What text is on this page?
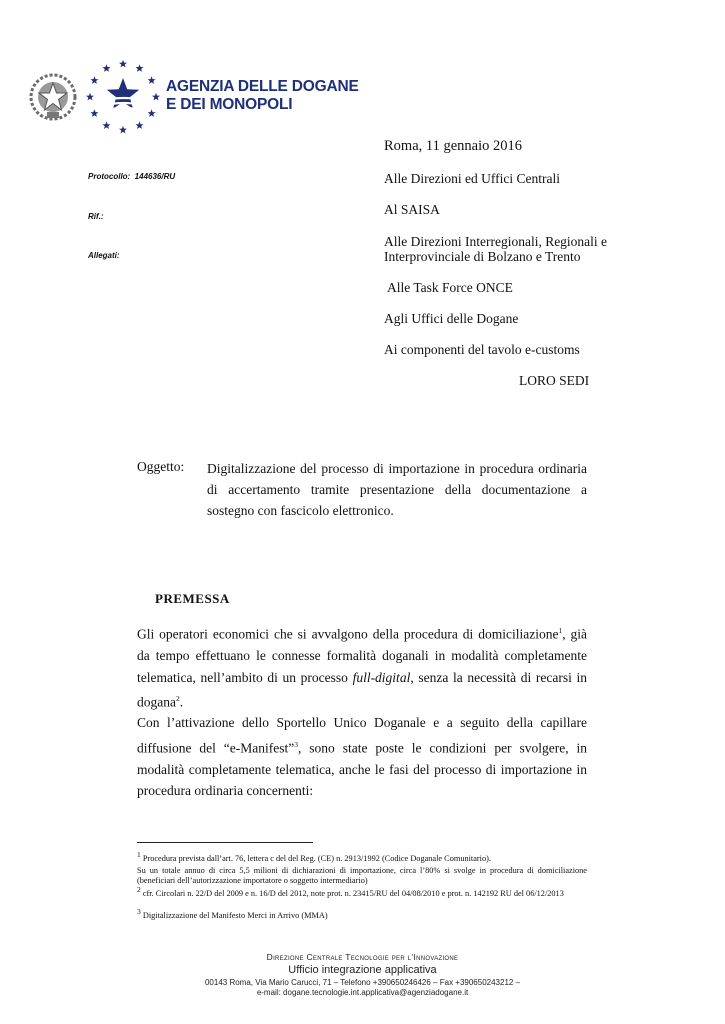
AGENZIA DELLE DOGANE
E DEI MONOPOLI
Protocollo: 144636/RU
Rif.:
Allegati:
Roma, 11 gennaio 2016
Alle Direzioni ed Uffici Centrali
Al SAISA
Alle Direzioni Interregionali, Regionali e
Interprovinciale di Bolzano e Trento
Alle Task Force ONCE
Agli Uffici delle Dogane
Ai componenti del tavolo e-customs
LORO SEDI
Oggetto: Digitalizzazione del processo di importazione in procedura ordinaria di accertamento tramite presentazione della documentazione a sostegno con fascicolo elettronico.
PREMESSA
Gli operatori economici che si avvalgono della procedura di domiciliazione$^1$, già da tempo effettuano le connesse formalità doganali in modalità completamente telematica, nell’ambito di un processo full-digital, senza la necessità di recarsi in dogana$^2$.
Con l’attivazione dello Sportello Unico Doganale e a seguito della capillare diffusione del “e-Manifest”$^3$, sono state poste le condizioni per svolgere, in modalità completamente telematica, anche le fasi del processo di importazione in procedura ordinaria concernenti:
$^1$ Procedura prevista dall’art. 76, lettera c del del Reg. (CE) n. 2913/1992 (Codice Doganale Comunitario).
Su un totale annuo di circa 5,5 milioni di dichiarazioni di importazione, circa l’80% si svolge in procedura di domiciliazione (beneficiari dell’autorizzazione importatore o soggetto intermediario)
$^2$ cfr. Circolari n. 22/D del 2009 e n. 16/D del 2012, note prot. n. 23415/RU del 04/08/2010 e prot. n. 142192 RU del 06/12/2013
$^3$ Digitalizzazione del Manifesto Merci in Arrivo (MMA)
Direzione Centrale Tecnologie per l’Innovazione
Ufficio integrazione applicativa
00143 Roma, Via Mario Carucci, 71 – Telefono +390650246426 – Fax +390650243212 –
e-mail: dogane.tecnologie.int.applicativa@agenziadogane.it
